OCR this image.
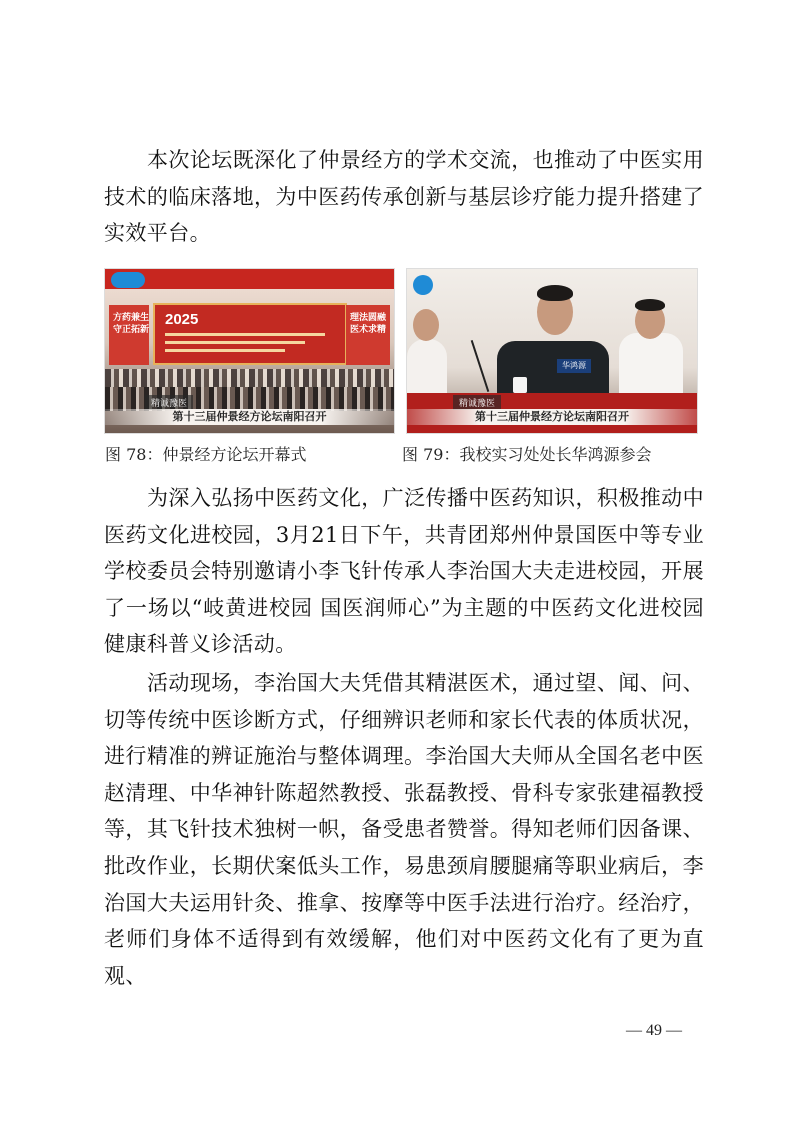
本次论坛既深化了仲景经方的学术交流，也推动了中医实用技术的临床落地，为中医药传承创新与基层诊疗能力提升搭建了实效平台。

方药兼生 守正拓新
2025	理法圆融 医术求精
精诚豫医
第十三届仲景经方论坛南阳召开
华鸿源
精诚豫医
第十三届仲景经方论坛南阳召开
图 78：仲景经方论坛开幕式	图 79：我校实习处处长华鸿源参会

为深入弘扬中医药文化，广泛传播中医药知识，积极推动中医药文化进校园，3月21日下午，共青团郑州仲景国医中等专业学校委员会特别邀请小李飞针传承人李治国大夫走进校园，开展了一场以“岐黄进校园 国医润师心”为主题的中医药文化进校园健康科普义诊活动。

活动现场，李治国大夫凭借其精湛医术，通过望、闻、问、切等传统中医诊断方式，仔细辨识老师和家长代表的体质状况，进行精准的辨证施治与整体调理。李治国大夫师从全国名老中医赵清理、中华神针陈超然教授、张磊教授、骨科专家张建福教授等，其飞针技术独树一帜，备受患者赞誉。得知老师们因备课、批改作业，长期伏案低头工作，易患颈肩腰腿痛等职业病后，李治国大夫运用针灸、推拿、按摩等中医手法进行治疗。经治疗，老师们身体不适得到有效缓解，他们对中医药文化有了更为直观、

— 49 —
